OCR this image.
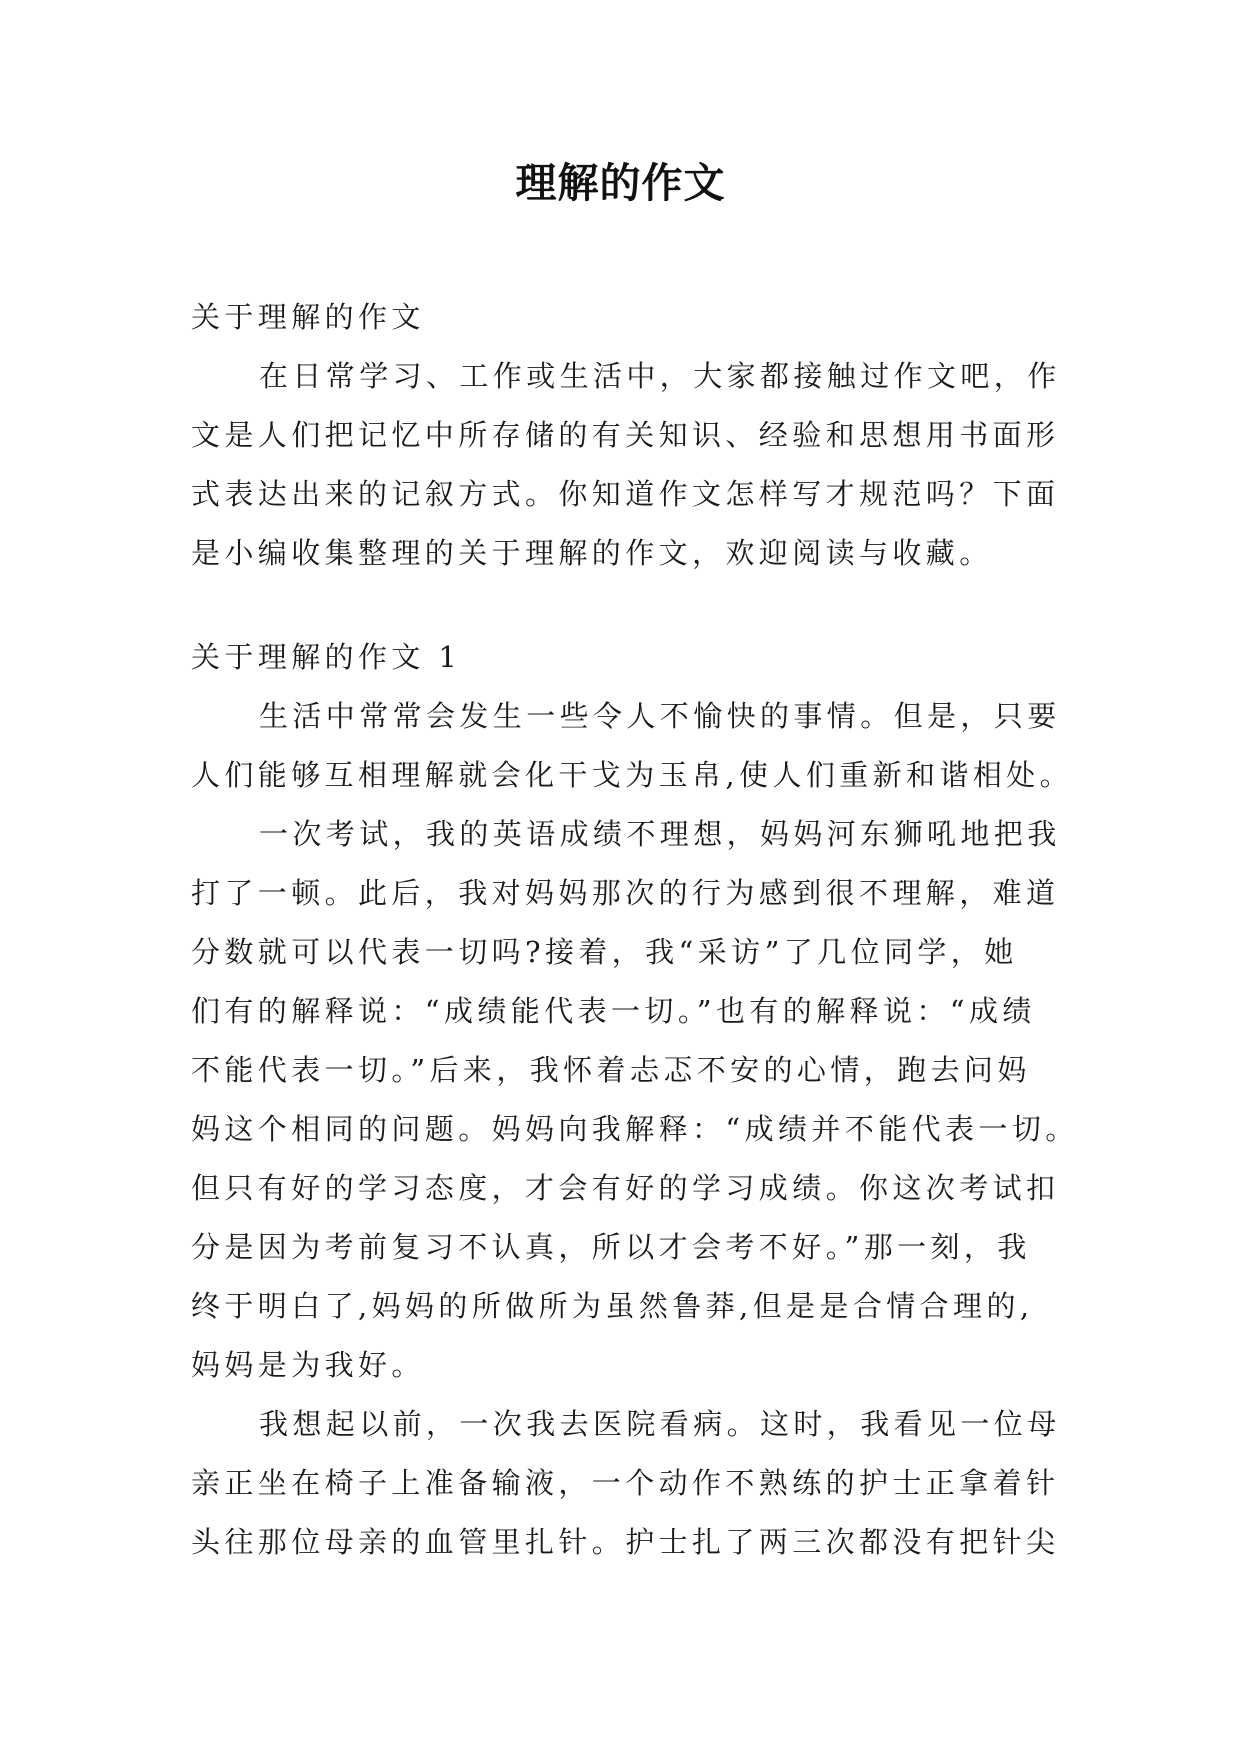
理解的作文
关于理解的作文
在日常学习、工作或生活中，大家都接触过作文吧，作
文是人们把记忆中所存储的有关知识、经验和思想用书面形
式表达出来的记叙方式。你知道作文怎样写才规范吗？下面
是小编收集整理的关于理解的作文，欢迎阅读与收藏。
关于理解的作文 1
生活中常常会发生一些令人不愉快的事情。但是，只要
人们能够互相理解就会化干戈为玉帛,使人们重新和谐相处。
一次考试，我的英语成绩不理想，妈妈河东狮吼地把我
打了一顿。此后，我对妈妈那次的行为感到很不理解，难道
分数就可以代表一切吗?接着，我“采访”了几位同学，她
们有的解释说：“成绩能代表一切。”也有的解释说：“成绩
不能代表一切。”后来，我怀着忐忑不安的心情，跑去问妈
妈这个相同的问题。妈妈向我解释：“成绩并不能代表一切。
但只有好的学习态度，才会有好的学习成绩。你这次考试扣
分是因为考前复习不认真，所以才会考不好。”那一刻，我
终于明白了,妈妈的所做所为虽然鲁莽,但是是合情合理的,
妈妈是为我好。
我想起以前，一次我去医院看病。这时，我看见一位母
亲正坐在椅子上准备输液，一个动作不熟练的护士正拿着针
头往那位母亲的血管里扎针。护士扎了两三次都没有把针尖
